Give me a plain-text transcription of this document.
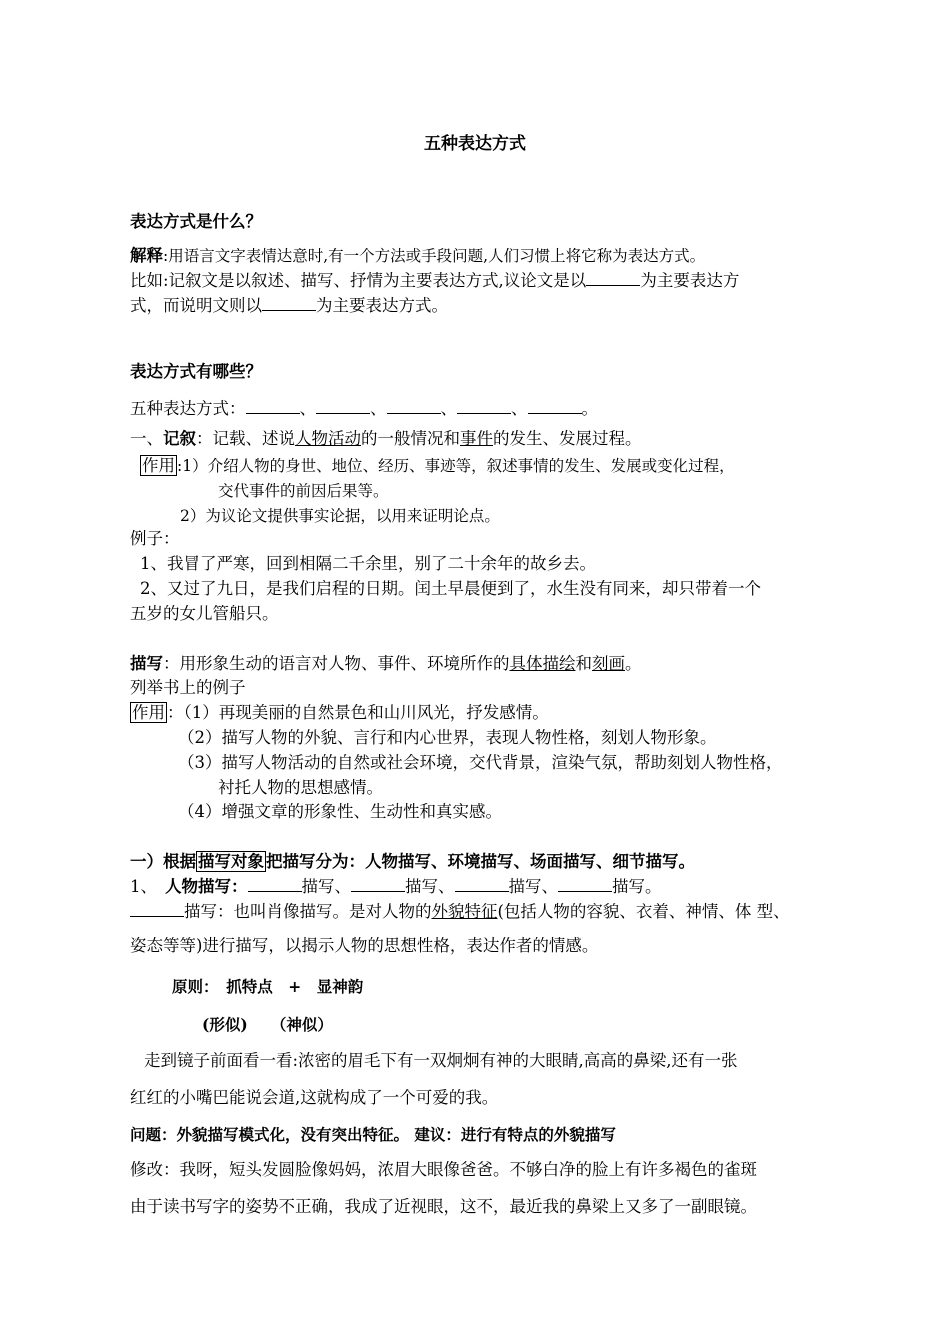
五种表达方式
表达方式是什么？
解释:用语言文字表情达意时,有一个方法或手段问题,人们习惯上将它称为表达方式。
比如:记叙文是以叙述、描写、抒情为主要表达方式,议论文是以	为主要表达方
式，而说明文则以	为主要表达方式。
表达方式有哪些？
五种表达方式：	、	、	、	、	。
一、记叙：记载、述说人物活动的一般情况和事件的发生、发展过程。
作用 :1）介绍人物的身世、地位、经历、事迹等，叙述事情的发生、发展或变化过程，
交代事件的前因后果等。
2）为议论文提供事实论据，以用来证明论点。
例子：
1、我冒了严寒，回到相隔二千余里，别了二十余年的故乡去。
2、又过了九日，是我们启程的日期。闰土早晨便到了，水生没有同来，却只带着一个
五岁的女儿管船只。
描写：用形象生动的语言对人物、事件、环境所作的具体描绘和刻画。
列举书上的例子
作用 ：（1）再现美丽的自然景色和山川风光，抒发感情。
（2）描写人物的外貌、言行和内心世界，表现人物性格，刻划人物形象。
（3）描写人物活动的自然或社会环境，交代背景，渲染气氛，帮助刻划人物性格，
衬托人物的思想感情。
（4）增强文章的形象性、生动性和真实感。
一）根据 描写对象 把描写分为：人物描写、环境描写、场面描写、细节描写。
1、 人物描写：	描写、	描写、	描写、	描写。
描写：也叫肖像描写。是对人物的外貌特征(包括人物的容貌、衣着、神情、体 型、
姿态等等)进行描写，以揭示人物的思想性格，表达作者的情感。
原则：　抓特点　+　显神韵
(形似)　　（神似）
走到镜子前面看一看:浓密的眉毛下有一双炯炯有神的大眼睛,高高的鼻梁,还有一张
红红的小嘴巴能说会道,这就构成了一个可爱的我。
问题：外貌描写模式化，没有突出特征。 建议：进行有特点的外貌描写
修改：我呀，短头发圆脸像妈妈，浓眉大眼像爸爸。不够白净的脸上有许多褐色的雀斑
由于读书写字的姿势不正确，我成了近视眼，这不，最近我的鼻梁上又多了一副眼镜。
